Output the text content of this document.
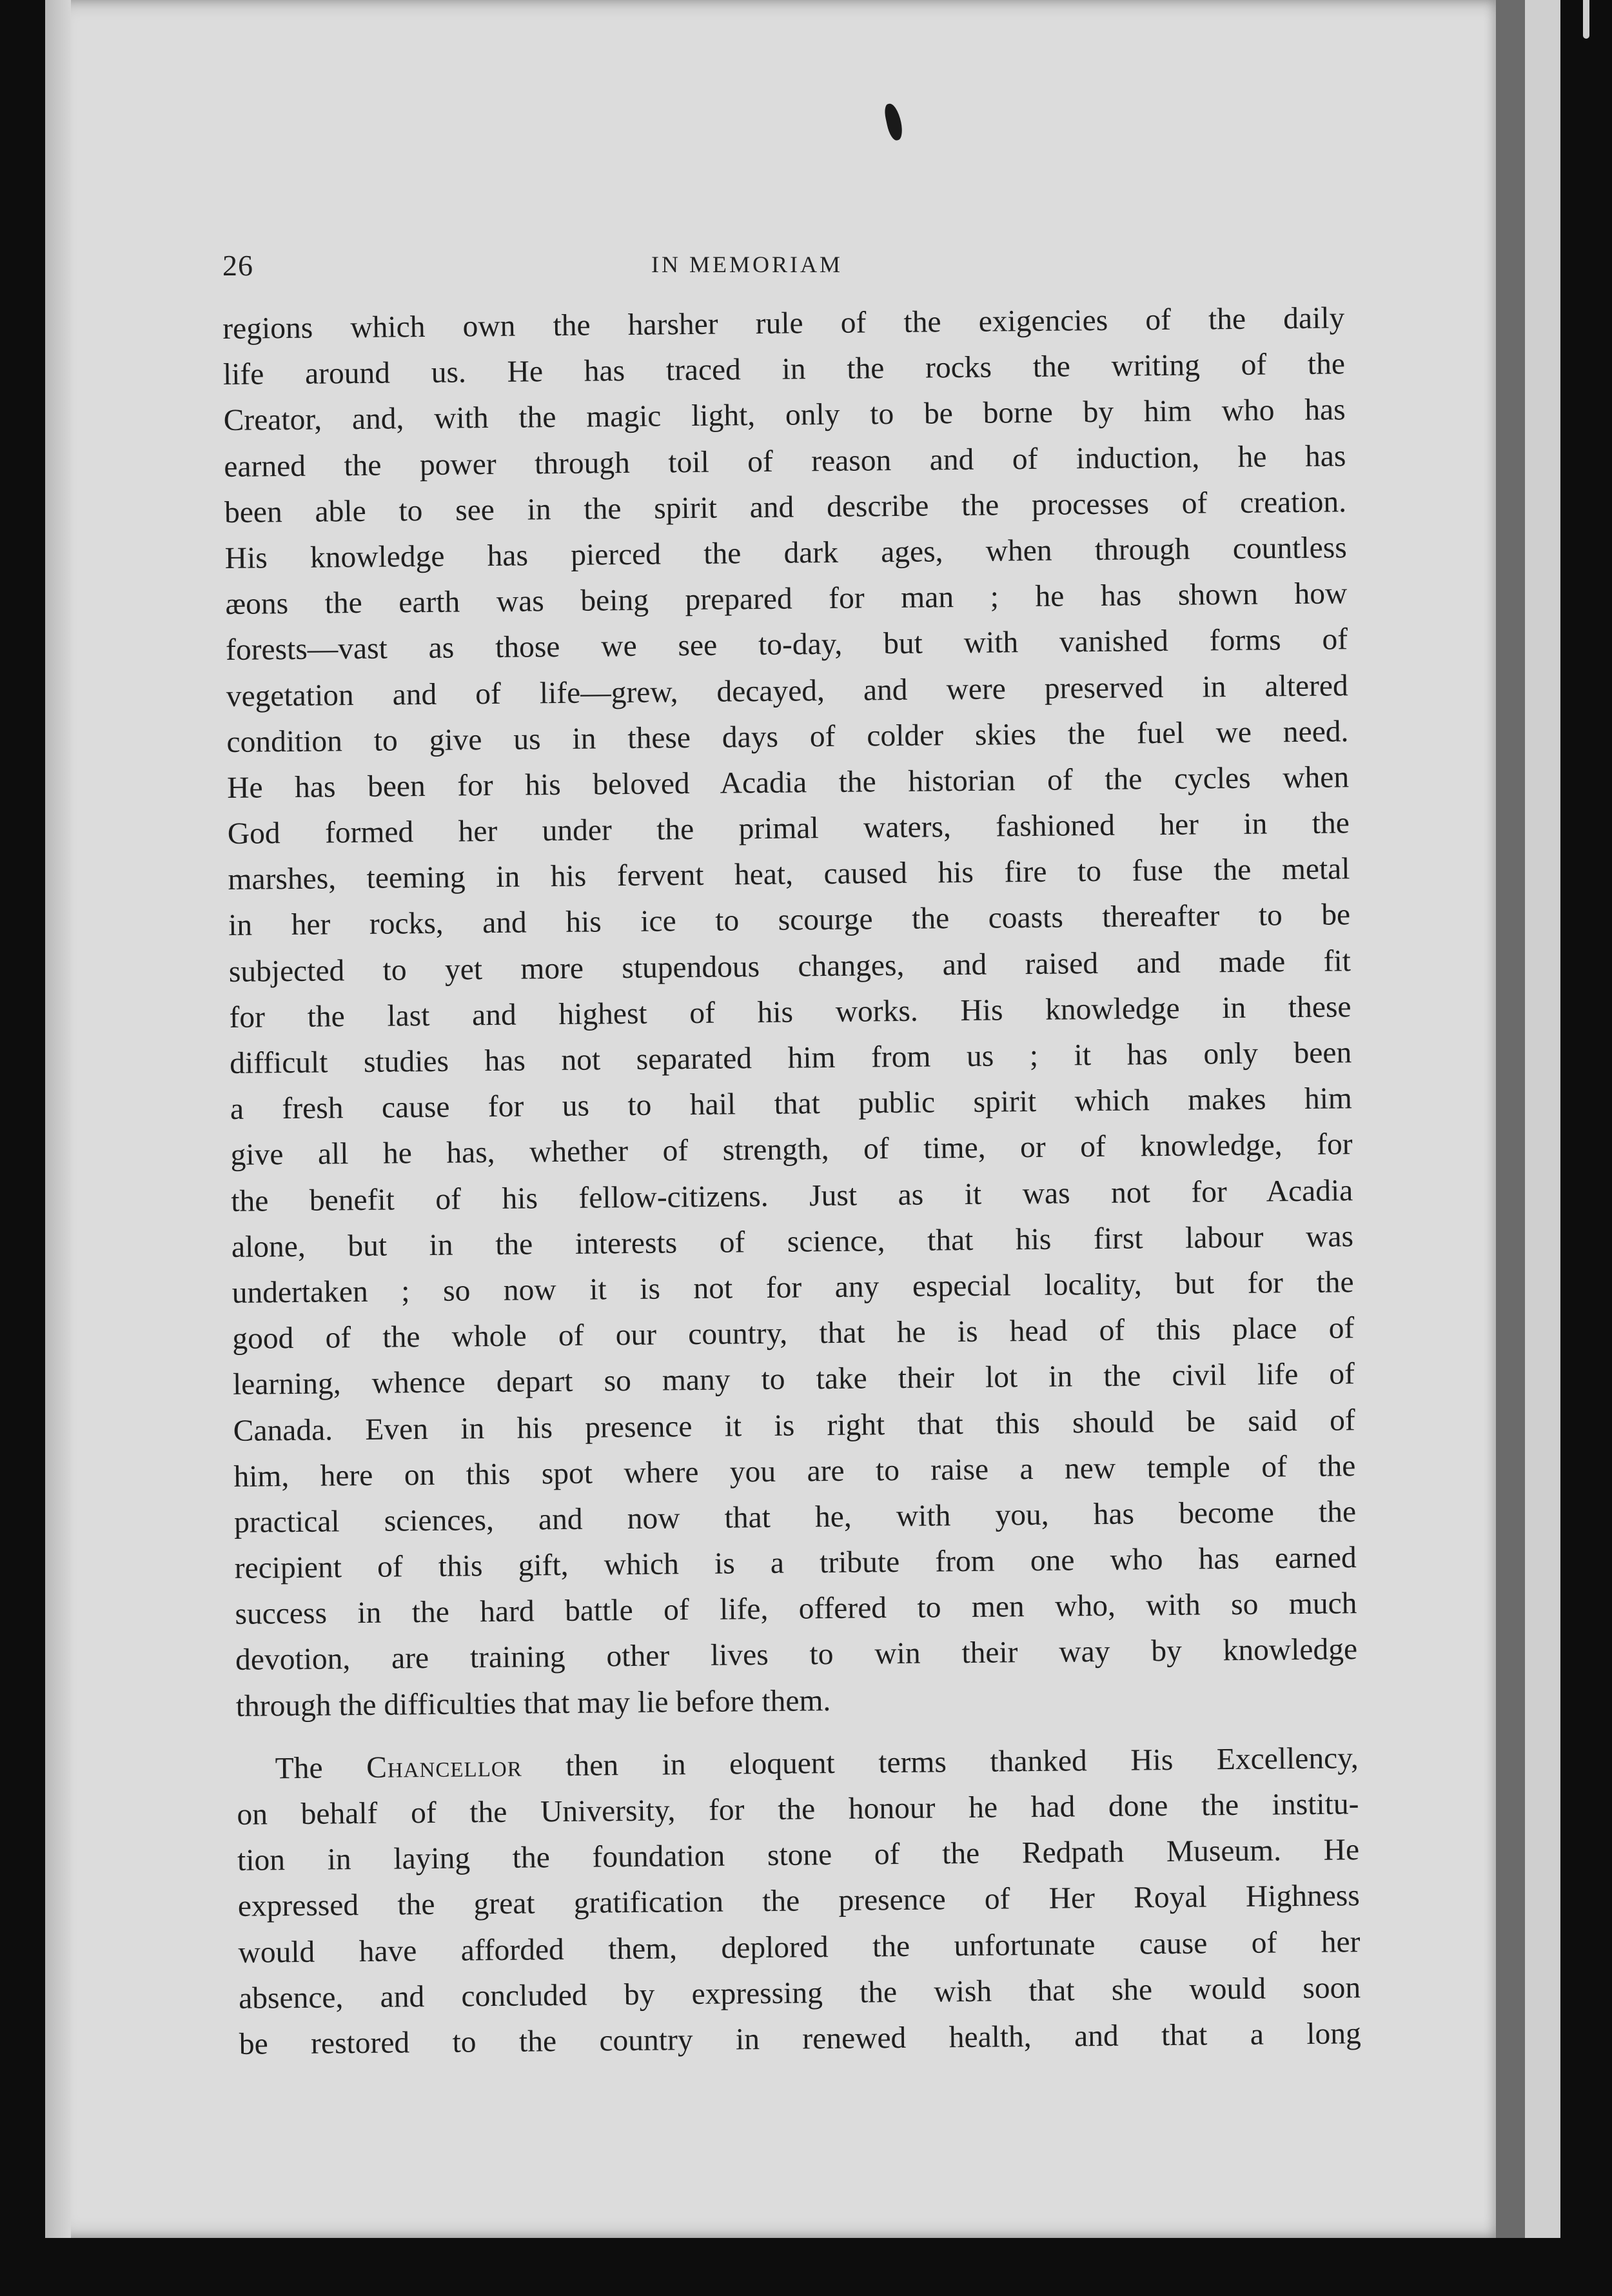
26	IN MEMORIAM
regions which own the harsher rule of the exigencies of the daily
life around us. He has traced in the rocks the writing of the
Creator, and, with the magic light, only to be borne by him who has
earned the power through toil of reason and of induction, he has
been able to see in the spirit and describe the processes of creation.
His knowledge has pierced the dark ages, when through countless
æons the earth was being prepared for man ; he has shown how
forests—vast as those we see to-day, but with vanished forms of
vegetation and of life—grew, decayed, and were preserved in altered
condition to give us in these days of colder skies the fuel we need.
He has been for his beloved Acadia the historian of the cycles when
God formed her under the primal waters, fashioned her in the
marshes, teeming in his fervent heat, caused his fire to fuse the metal
in her rocks, and his ice to scourge the coasts thereafter to be
subjected to yet more stupendous changes, and raised and made fit
for the last and highest of his works. His knowledge in these
difficult studies has not separated him from us ; it has only been
a fresh cause for us to hail that public spirit which makes him
give all he has, whether of strength, of time, or of knowledge, for
the benefit of his fellow-citizens. Just as it was not for Acadia
alone, but in the interests of science, that his first labour was
undertaken ; so now it is not for any especial locality, but for the
good of the whole of our country, that he is head of this place of
learning, whence depart so many to take their lot in the civil life of
Canada. Even in his presence it is right that this should be said of
him, here on this spot where you are to raise a new temple of the
practical sciences, and now that he, with you, has become the
recipient of this gift, which is a tribute from one who has earned
success in the hard battle of life, offered to men who, with so much
devotion, are training other lives to win their way by knowledge
through the difficulties that may lie before them.
The Chancellor then in eloquent terms thanked His Excellency,
on behalf of the University, for the honour he had done the institu-
tion in laying the foundation stone of the Redpath Museum. He
expressed the great gratification the presence of Her Royal Highness
would have afforded them, deplored the unfortunate cause of her
absence, and concluded by expressing the wish that she would soon
be restored to the country in renewed health, and that a long
